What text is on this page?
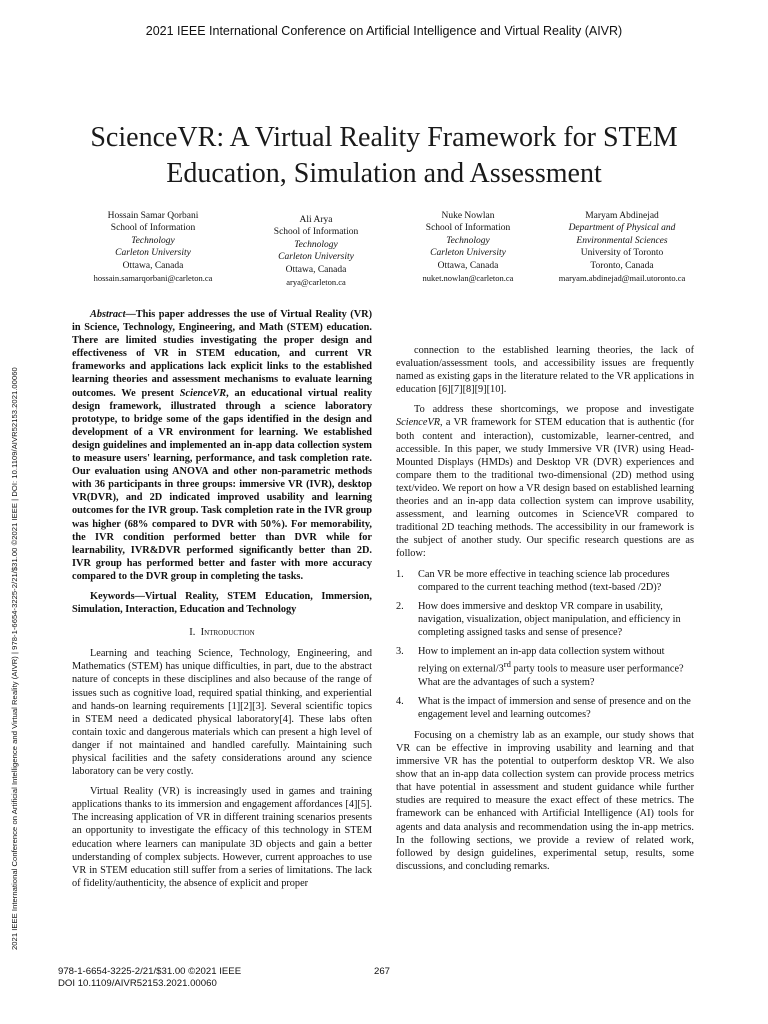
2021 IEEE International Conference on Artificial Intelligence and Virtual Reality (AIVR)
ScienceVR: A Virtual Reality Framework for STEM
Education, Simulation and Assessment
Hossain Samar Qorbani
School of Information
Technology
Carleton University
Ottawa, Canada
hossain.samarqorbani@carleton.ca
Ali Arya
School of Information
Technology
Carleton University
Ottawa, Canada
arya@carleton.ca
Nuke Nowlan
School of Information
Technology
Carleton University
Ottawa, Canada
nuket.nowlan@carleton.ca
Maryam Abdinejad
Department of Physical and
Environmental Sciences
University of Toronto
Toronto, Canada
maryam.abdinejad@mail.utoronto.ca
2021 IEEE International Conference on Artificial Intelligence and Virtual Reality (AIVR) | 978-1-6654-3225-2/21/$31.00 ©2021 IEEE | DOI: 10.1109/AIVR52153.2021.00060

Abstract—This paper addresses the use of Virtual Reality (VR) in Science, Technology, Engineering, and Math (STEM) education. There are limited studies investigating the proper design and effectiveness of VR in STEM education, and current VR frameworks and applications lack explicit links to the established learning theories and assessment mechanisms to evaluate learning outcomes. We present ScienceVR, an educational virtual reality design framework, illustrated through a science laboratory prototype, to bridge some of the gaps identified in the design and development of a VR environment for learning. We established design guidelines and implemented an in-app data collection system to measure users' learning, performance, and task completion rate. Our evaluation using ANOVA and other non-parametric methods with 36 participants in three groups: immersive VR (IVR), desktop VR(DVR), and 2D indicated improved usability and learning outcomes for the IVR group. Task completion rate in the IVR group was higher (68% compared to DVR with 50%). For memorability, the IVR condition performed better than DVR while for learnability, IVR&DVR performed significantly better than 2D. IVR group has performed better and faster with more accuracy compared to the DVR group in completing the tasks.

Keywords—Virtual Reality, STEM Education, Immersion, Simulation, Interaction, Education and Technology

I. Introduction

Learning and teaching Science, Technology, Engineering, and Mathematics (STEM) has unique difficulties, in part, due to the abstract nature of concepts in these disciplines and also because of the range of issues such as cognitive load, required spatial thinking, and experiential and hands-on learning requirements [1][2][3]. Several scientific topics in STEM need a dedicated physical laboratory[4]. These labs often contain toxic and dangerous materials which can present a high level of danger if not maintained and handled carefully. Maintaining such physical facilities and the safety considerations around any science laboratory can be very costly.

Virtual Reality (VR) is increasingly used in games and training applications thanks to its immersion and engagement affordances [4][5]. The increasing application of VR in different training scenarios presents an opportunity to investigate the efficacy of this technology in STEM education where learners can manipulate 3D objects and gain a better understanding of complex subjects. However, current approaches to use VR in STEM education still suffer from a series of limitations. The lack of fidelity/authenticity, the absence of explicit and proper

connection to the established learning theories, the lack of evaluation/assessment tools, and accessibility issues are frequently named as existing gaps in the literature related to the VR applications in education [6][7][8][9][10].

To address these shortcomings, we propose and investigate ScienceVR, a VR framework for STEM education that is authentic (for both content and interaction), customizable, learner-centred, and accessible. In this paper, we study Immersive VR (IVR) using Head-Mounted Displays (HMDs) and Desktop VR (DVR) experiences and compare them to the traditional two-dimensional (2D) method using text/video. We report on how a VR design based on established learning theories and an in-app data collection system can improve usability, assessment, and learning outcomes in ScienceVR compared to traditional 2D teaching methods. The accessibility in our framework is the subject of another study. Our specific research questions are as follow:

1.	Can VR be more effective in teaching science lab procedures compared to the current teaching method (text-based /2D)?
2.	How does immersive and desktop VR compare in usability, navigation, visualization, object manipulation, and efficiency in completing assigned tasks and sense of presence?
3.	How to implement an in-app data collection system without relying on external/3rd party tools to measure user performance? What are the advantages of such a system?
4.	What is the impact of immersion and sense of presence and on the engagement level and learning outcomes?

Focusing on a chemistry lab as an example, our study shows that VR can be effective in improving usability and learning and that immersive VR has the potential to outperform desktop VR. We also show that an in-app data collection system can provide process metrics that have potential in assessment and student guidance while further studies are required to measure the exact effect of these metrics. The framework can be enhanced with Artificial Intelligence (AI) tools for agents and data analysis and recommendation using the in-app metrics. In the following sections, we provide a review of related work, followed by design guidelines, experimental setup, results, some discussions, and concluding remarks.

978-1-6654-3225-2/21/$31.00 ©2021 IEEE
DOI 10.1109/AIVR52153.2021.00060
267
